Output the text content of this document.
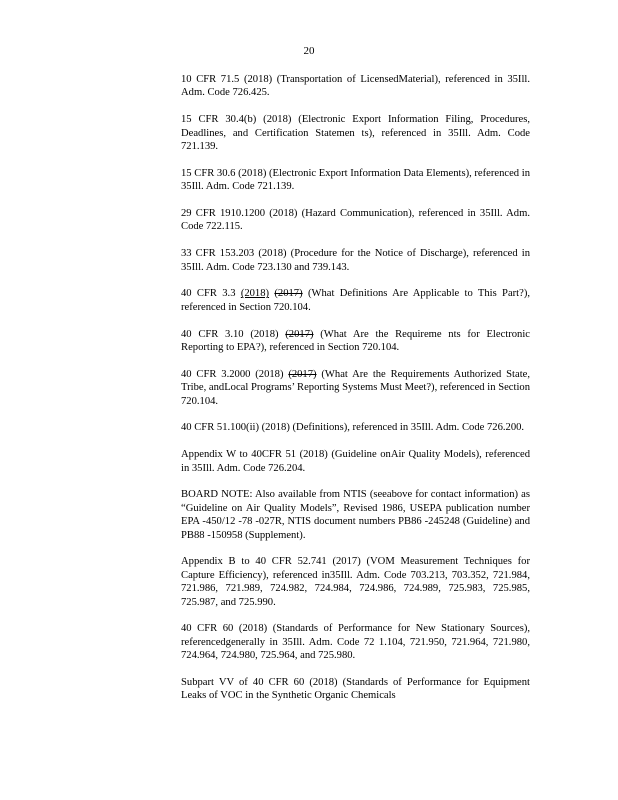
20

10 CFR 71.5 (2018) (Transportation of LicensedMaterial), referenced in 35Ill. Adm. Code 726.425.

15 CFR 30.4(b) (2018) (Electronic Export Information Filing, Procedures, Deadlines, and Certification Statemen ts), referenced in 35Ill. Adm. Code 721.139.

15 CFR 30.6 (2018) (Electronic Export Information Data Elements), referenced in 35Ill. Adm. Code 721.139.

29 CFR 1910.1200 (2018) (Hazard Communication), referenced in 35Ill. Adm. Code 722.115.

33 CFR 153.203 (2018) (Procedure for the Notice of Discharge), referenced in 35Ill. Adm. Code 723.130 and 739.143.

40 CFR 3.3 (2018) (2017) (What Definitions Are Applicable to This Part?), referenced in Section 720.104.

40 CFR 3.10 (2018) (2017) (What Are the Requireme nts for Electronic Reporting to EPA?), referenced in Section 720.104.

40 CFR 3.2000 (2018) (2017) (What Are the Requirements Authorized State, Tribe, andLocal Programs’ Reporting Systems Must Meet?), referenced in Section 720.104.

40 CFR 51.100(ii) (2018) (Definitions), referenced in 35Ill. Adm. Code 726.200.

Appendix W to 40CFR 51 (2018) (Guideline onAir Quality Models), referenced in 35Ill. Adm. Code 726.204.

BOARD NOTE: Also available from NTIS (seeabove for contact information) as “Guideline on Air Quality Models”, Revised 1986, USEPA publication number EPA -450/12 -78 -027R, NTIS document numbers PB86 -245248 (Guideline) and PB88 -150958 (Supplement).

Appendix B to 40 CFR 52.741 (2017) (VOM Measurement Techniques for Capture Efficiency), referenced in35Ill. Adm. Code 703.213, 703.352, 721.984, 721.986, 721.989, 724.982, 724.984, 724.986, 724.989, 725.983, 725.985, 725.987, and 725.990.

40 CFR 60 (2018) (Standards of Performance for New Stationary Sources), referencedgenerally in 35Ill. Adm. Code 72 1.104, 721.950, 721.964, 721.980, 724.964, 724.980, 725.964, and 725.980.

Subpart VV of 40 CFR 60 (2018) (Standards of Performance for Equipment Leaks of VOC in the Synthetic Organic Chemicals
